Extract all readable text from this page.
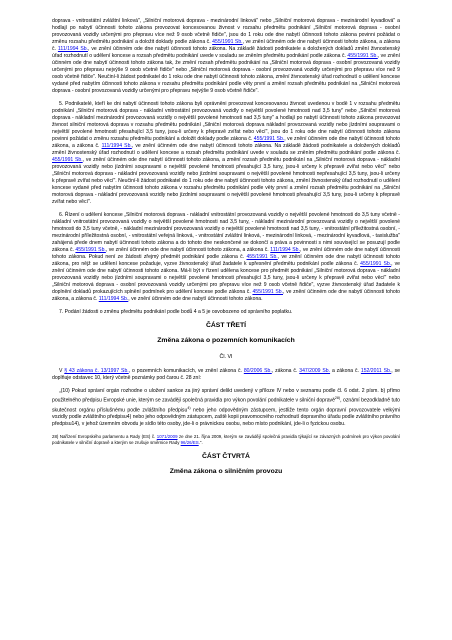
doprava - vnitrostátní zvláštní linková", „Silniční motorová doprava - mezinárodní linková" nebo „Silniční motorová doprava - mezinárodní kyvadlová" a hodlají po nabytí účinnosti tohoto zákona provozovat koncesovanou živnost v rozsahu předmětu podnikání „Silniční motorová doprava - osobní provozovaná vozidly určenými pro přepravu více než 9 osob včetně řidiče", jsou do 1 roku ode dne nabytí účinnosti tohoto zákona povinni požádat o změnu rozsahu předmětu podnikání a doložit doklady podle zákona č. 455/1991 Sb., ve znění účinném ode dne nabytí účinnosti tohoto zákona, a zákona č. 111/1994 Sb., ve znění účinném ode dne nabytí účinnosti tohoto zákona. Na základě žádosti podnikatele a doložených dokladů změní živnostenský úřad rozhodnutí o udělení koncese a rozsah předmětu podnikání uvede v souladu se zněním předmětu podnikání podle zákona č. 455/1991 Sb., ve znění účinném ode dne nabytí účinnosti tohoto zákona tak, že změní rozsah předmětu podnikání na „Silniční motorová doprava - osobní provozovaná vozidly určenými pro přepravu nejvýše 9 osob včetně řidiče" nebo „Silniční motorová doprava - osobní provozovaná vozidly určenými pro přepravu více než 9 osob včetně řidiče". Neučiní-li žádost podnikatel do 1 roku ode dne nabytí účinnosti tohoto zákona, změní živnostenský úřad rozhodnutí o udělení koncese vydané před nabytím účinnosti tohoto zákona v rozsahu předmětu podnikání podle věty první a změní rozsah předmětu podnikání na „Silniční motorová doprava - osobní provozovaná vozidly určenými pro přepravu nejvýše 9 osob včetně řidiče".

5. Podnikatelé, kteří ke dni nabytí účinnosti tohoto zákona byli oprávněni provozovat koncesovanou živnost uvedenou v bodě 1 v rozsahu předmětu podnikání „Silniční motorová doprava - nákladní vnitrostátní provozovaná vozidly o největší povolené hmotnosti nad 3,5 tuny" nebo „Silniční motorová doprava - nákladní mezinárodní provozovaná vozidly o největší povolené hmotnosti nad 3,5 tuny" a hodlají po nabytí účinnosti tohoto zákona provozovat živnost silniční motorová doprava v rozsahu předmětu podnikání „Silniční motorová doprava nákladní provozovaná vozidly nebo jízdními soupravami o největší povolené hmotnosti přesahující 3,5 tuny, jsou-li určeny k přepravě zvířat nebo věcí", jsou do 1 roku ode dne nabytí účinnosti tohoto zákona povinni požádat o změnu rozsahu předmětu podnikání a doložit doklady podle zákona č. 455/1991 Sb., ve znění účinném ode dne nabytí účinnosti tohoto zákona, a zákona č. 111/1994 Sb., ve znění účinném ode dne nabytí účinnosti tohoto zákona. Na základě žádosti podnikatele a doložených dokladů změní živnostenský úřad rozhodnutí o udělení koncese a rozsah předmětu podnikání uvede v souladu se zněním předmětu podnikání podle zákona č. 455/1991 Sb., ve znění účinném ode dne nabytí účinnosti tohoto zákona, a změní rozsah předmětu podnikání na „Silniční motorová doprava - nákladní provozovaná vozidly nebo jízdními soupravami o největší povolené hmotnosti přesahující 3,5 tuny, jsou-li určeny k přepravě zvířat nebo věcí" nebo „Silniční motorová doprava - nákladní provozovaná vozidly nebo jízdními soupravami o největší povolené hmotnosti nepřesahující 3,5 tuny, jsou-li určeny k přepravě zvířat nebo věcí". Neučiní-li žádost podnikatel do 1 roku ode dne nabytí účinnosti tohoto zákona, změní živnostenský úřad rozhodnutí o udělení koncese vydané před nabytím účinnosti tohoto zákona v rozsahu předmětu podnikání podle věty první a změní rozsah předmětu podnikání na „Silniční motorová doprava - nákladní provozovaná vozidly nebo jízdními soupravami o největší povolené hmotnosti přesahující 3,5 tuny, jsou-li určeny k přepravě zvířat nebo věcí".

6. Řízení o udělení koncese „Silniční motorová doprava - nákladní vnitrostátní provozovaná vozidly o největší povolené hmotnosti do 3,5 tuny včetně - nákladní vnitrostátní provozovaná vozidly o největší povolené hmotnosti nad 3,5 tuny, - nákladní mezinárodní provozovaná vozidly o největší povolené hmotnosti do 3,5 tuny včetně, - nákladní mezinárodní provozovaná vozidly o největší povolené hmotnosti nad 3,5 tuny, - vnitrostátní příležitostná osobní, - mezinárodní příležitostná osobní, - vnitrostátní veřejná linková, - vnitrostátní zvláštní linková, - mezinárodní linková, - mezinárodní kyvadlová, - taxislužba" zahájená přede dnem nabytí účinnosti tohoto zákona a do tohoto dne neskončené se dokončí a práva a povinnosti s nimi související se posuzují podle zákona č. 455/1991 Sb., ve znění účinném ode dne nabytí účinnosti tohoto zákona, a zákona č. 111/1994 Sb., ve znění účinném ode dne nabytí účinnosti tohoto zákona. Pokud není ze žádosti zřejmý předmět podnikání podle zákona č. 455/1991 Sb., ve znění účinném ode dne nabytí účinnosti tohoto zákona, pro nějž se udělení koncese požaduje, vyzve živnostenský úřad žadatele k upřesnění předmětu podnikání podle zákona č. 455/1991 Sb., ve znění účinném ode dne nabytí účinnosti tohoto zákona. Má-li být v řízení udělena koncese pro předmět podnikání „Silniční motorová doprava - nákladní provozovaná vozidly nebo jízdními soupravami o největší povolené hmotnosti přesahující 3,5 tuny, jsou-li určeny k přepravě zvířat nebo věcí" nebo „Silniční motorová doprava - osobní provozovaná vozidly určenými pro přepravu více než 9 osob včetně řidiče", vyzve živnostenský úřad žadatele k doplnění dokladů prokazujících splnění podmínek pro udělení koncese podle zákona č. 455/1991 Sb., ve znění účinném ode dne nabytí účinnosti tohoto zákona, a zákona č. 111/1994 Sb., ve znění účinném ode dne nabytí účinnosti tohoto zákona.

7. Podání žádosti o změnu předmětu podnikání podle bodů 4 a 5 je osvobozeno od správního poplatku.

ČÁST TŘETÍ
Změna zákona o pozemních komunikacích
Čl. VI

V § 43 zákona č. 13/1997 Sb., o pozemních komunikacích, ve znění zákona č. 80/2006 Sb., zákona č. 347/2009 Sb. a zákona č. 152/2011 Sb., se doplňuje odstavec 10, který včetně poznámky pod čarou č. 28 zní:

„(10) Pokud správní orgán rozhodne o uložení sankce za jiný správní delikt uvedený v příloze IV nebo v seznamu podle čl. 6 odst. 2 písm. b) přímo použitelného předpisu Evropské unie, kterým se zavádějí společná pravidla pro výkon povolání podnikatele v silniční dopravě$^{28)}$, oznámí bezodkladně tuto skutečnost orgánu příslušnému podle zvláštního předpisu$^{4)}$ nebo jeho odpovědným zástupcem, jestliže tento orgán dopravní provozovatele velkými vozidly podle zvláštního předpisu4) nebo jeho odpovědným zástupcem, zaště kopii pravomocného rozhodnutí dopravního úřadu podle zvláštního právního předpisu14), v jehož územním obvodu je sídlo této osoby, jde-li o právnickou osobu, nebo místo podnikání, jde-li o fyzickou osobu.

28) Nařízení Evropského parlamentu a Rady (ES) č. 1071/2009 ze dne 21. října 2009, kterým se zavádějí společná pravidla týkající se závazných podmínek pro výkon povolání podnikatele v silniční dopravě a kterým se zrušuje směrnice Rady 96/26/ES.".

ČÁST ČTVRTÁ
Změna zákona o silničním provozu
